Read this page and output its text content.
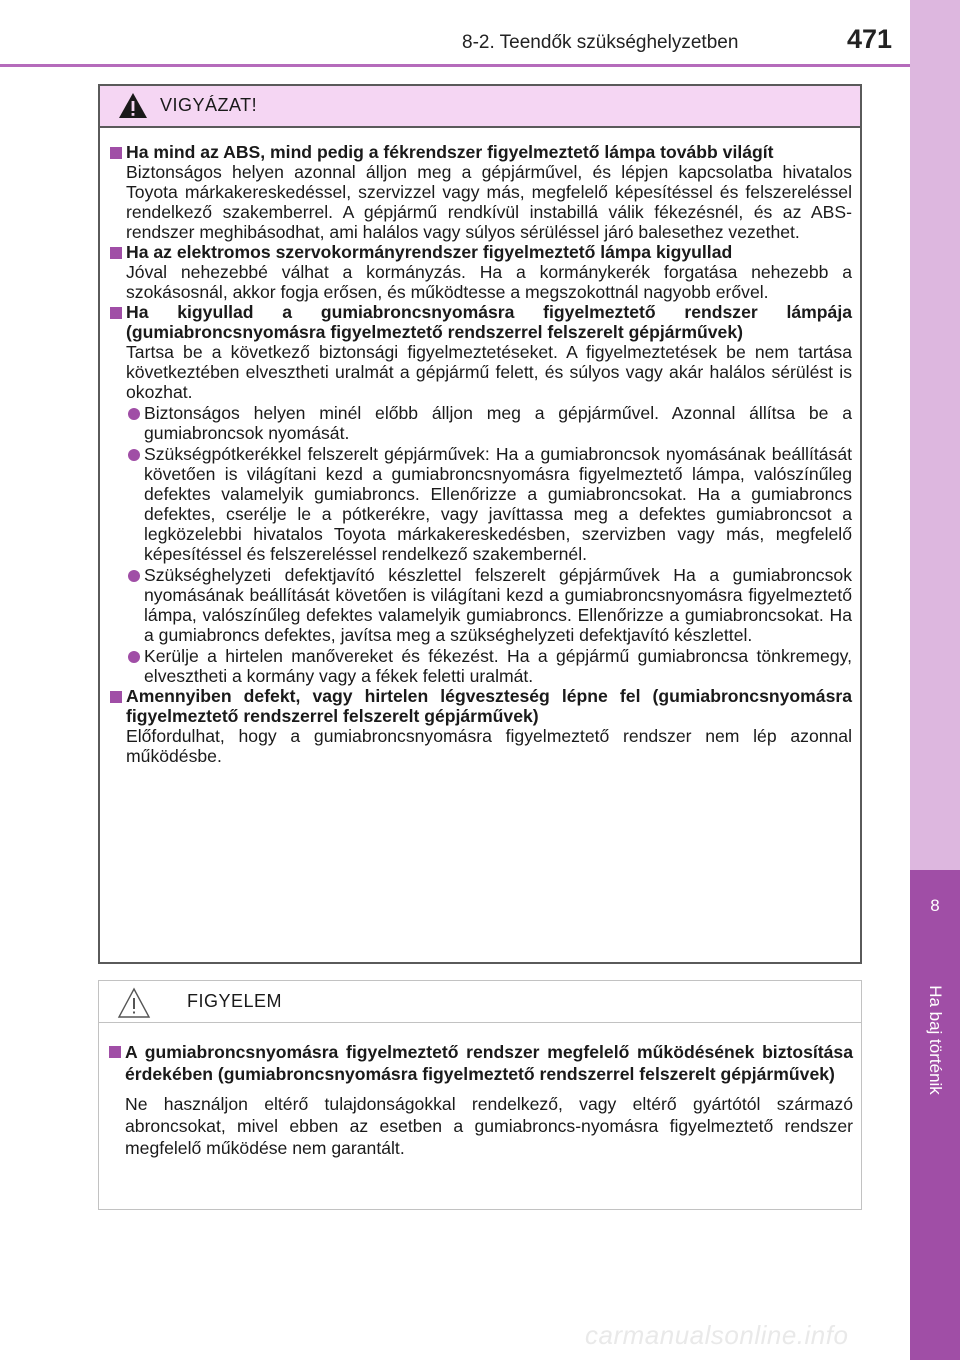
8
Ha baj történik
8-2. Teendők szükséghelyzetben	471
VIGYÁZAT!
Ha mind az ABS, mind pedig a fékrendszer figyelmeztető lámpa tovább világít
Biztonságos helyen azonnal álljon meg a gépjárművel, és lépjen kapcsolatba hivatalos Toyota márkakereskedéssel, szervizzel vagy más, megfelelő képesítéssel és felszereléssel rendelkező szakemberrel. A gépjármű rendkívül instabillá válik fékezésnél, és az ABS-rendszer meghibásodhat, ami halálos vagy súlyos sérüléssel járó balesethez vezethet.
Ha az elektromos szervokormányrendszer figyelmeztető lámpa kigyullad
Jóval nehezebbé válhat a kormányzás. Ha a kormánykerék forgatása nehezebb a szokásosnál, akkor fogja erősen, és működtesse a megszokottnál nagyobb erővel.
Ha kigyullad a gumiabroncsnyomásra figyelmeztető rendszer lámpája (gumiabroncsnyomásra figyelmeztető rendszerrel felszerelt gépjárművek)
Tartsa be a következő biztonsági figyelmeztetéseket. A figyelmeztetések be nem tartása következtében elvesztheti uralmát a gépjármű felett, és súlyos vagy akár halálos sérülést is okozhat.
Biztonságos helyen minél előbb álljon meg a gépjárművel. Azonnal állítsa be a gumiabroncsok nyomását.
Szükségpótkerékkel felszerelt gépjárművek: Ha a gumiabroncsok nyomásának beállítását követően is világítani kezd a gumiabroncsnyomásra figyelmeztető lámpa, valószínűleg defektes valamelyik gumiabroncs. Ellenőrizze a gumiabroncsokat. Ha a gumiabroncs defektes, cserélje le a pótkerékre, vagy javíttassa meg a defektes gumiabroncsot a legközelebbi hivatalos Toyota márkakereskedésben, szervizben vagy más, megfelelő képesítéssel és felszereléssel rendelkező szakembernél.
Szükséghelyzeti defektjavító készlettel felszerelt gépjárművek Ha a gumiabroncsok nyomásának beállítását követően is világítani kezd a gumiabroncsnyomásra figyelmeztető lámpa, valószínűleg defektes valamelyik gumiabroncs. Ellenőrizze a gumiabroncsokat. Ha a gumiabroncs defektes, javítsa meg a szükséghelyzeti defektjavító készlettel.
Kerülje a hirtelen manővereket és fékezést. Ha a gépjármű gumiabroncsa tönkremegy, elvesztheti a kormány vagy a fékek feletti uralmát.
Amennyiben defekt, vagy hirtelen légveszteség lépne fel (gumiabroncsnyomásra figyelmeztető rendszerrel felszerelt gépjárművek)
Előfordulhat, hogy a gumiabroncsnyomásra figyelmeztető rendszer nem lép azonnal működésbe.
FIGYELEM
A gumiabroncsnyomásra figyelmeztető rendszer megfelelő működésének biztosítása érdekében (gumiabroncsnyomásra figyelmeztető rendszerrel felszerelt gépjárművek)
Ne használjon eltérő tulajdonságokkal rendelkező, vagy eltérő gyártótól származó abroncsokat, mivel ebben az esetben a gumiabroncs-nyomásra figyelmeztető rendszer megfelelő működése nem garantált.
carmanualsonline.info
